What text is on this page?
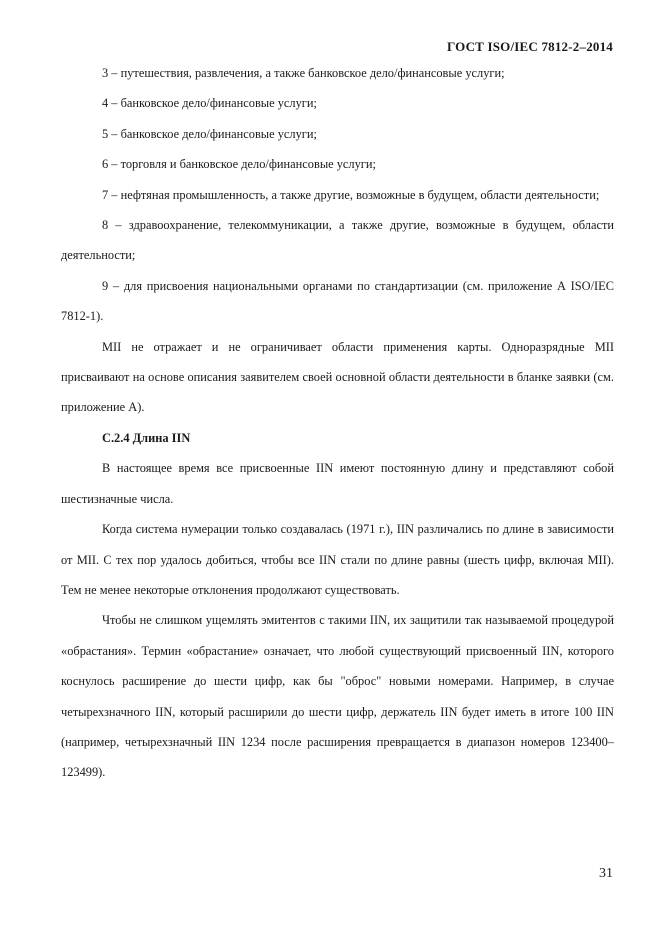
ГОСТ ISO/IEC 7812-2–2014

3 – путешествия, развлечения, а также банковское дело/финансовые услуги;

4 – банковское дело/финансовые услуги;

5 – банковское дело/финансовые услуги;

6 – торговля и банковское дело/финансовые услуги;

7 – нефтяная промышленность, а также другие, возможные в будущем, области деятельности;

8 – здравоохранение, телекоммуникации, а также другие, возможные в будущем, области деятельности;

9 – для присвоения национальными органами по стандартизации (см. приложение А ISO/IEC 7812-1).

MII не отражает и не ограничивает области применения карты. Одноразрядные MII присваивают на основе описания заявителем своей основной области деятельности в бланке заявки (см. приложение А).

С.2.4 Длина IIN

В настоящее время все присвоенные IIN имеют постоянную длину и представляют собой шестизначные числа.

Когда система нумерации только создавалась (1971 г.), IIN различались по длине в зависимости от MII. С тех пор удалось добиться, чтобы все IIN стали по длине равны (шесть цифр, включая MII). Тем не менее некоторые отклонения продолжают существовать.

Чтобы не слишком ущемлять эмитентов с такими IIN, их защитили так называемой процедурой «обрастания». Термин «обрастание» означает, что любой существующий присвоенный IIN, которого коснулось расширение до шести цифр, как бы "оброс" новыми номерами. Например, в случае четырехзначного IIN, который расширили до шести цифр, держатель IIN будет иметь в итоге 100 IIN (например, четырехзначный IIN 1234 после расширения превращается в диапазон номеров 123400–123499).

31
